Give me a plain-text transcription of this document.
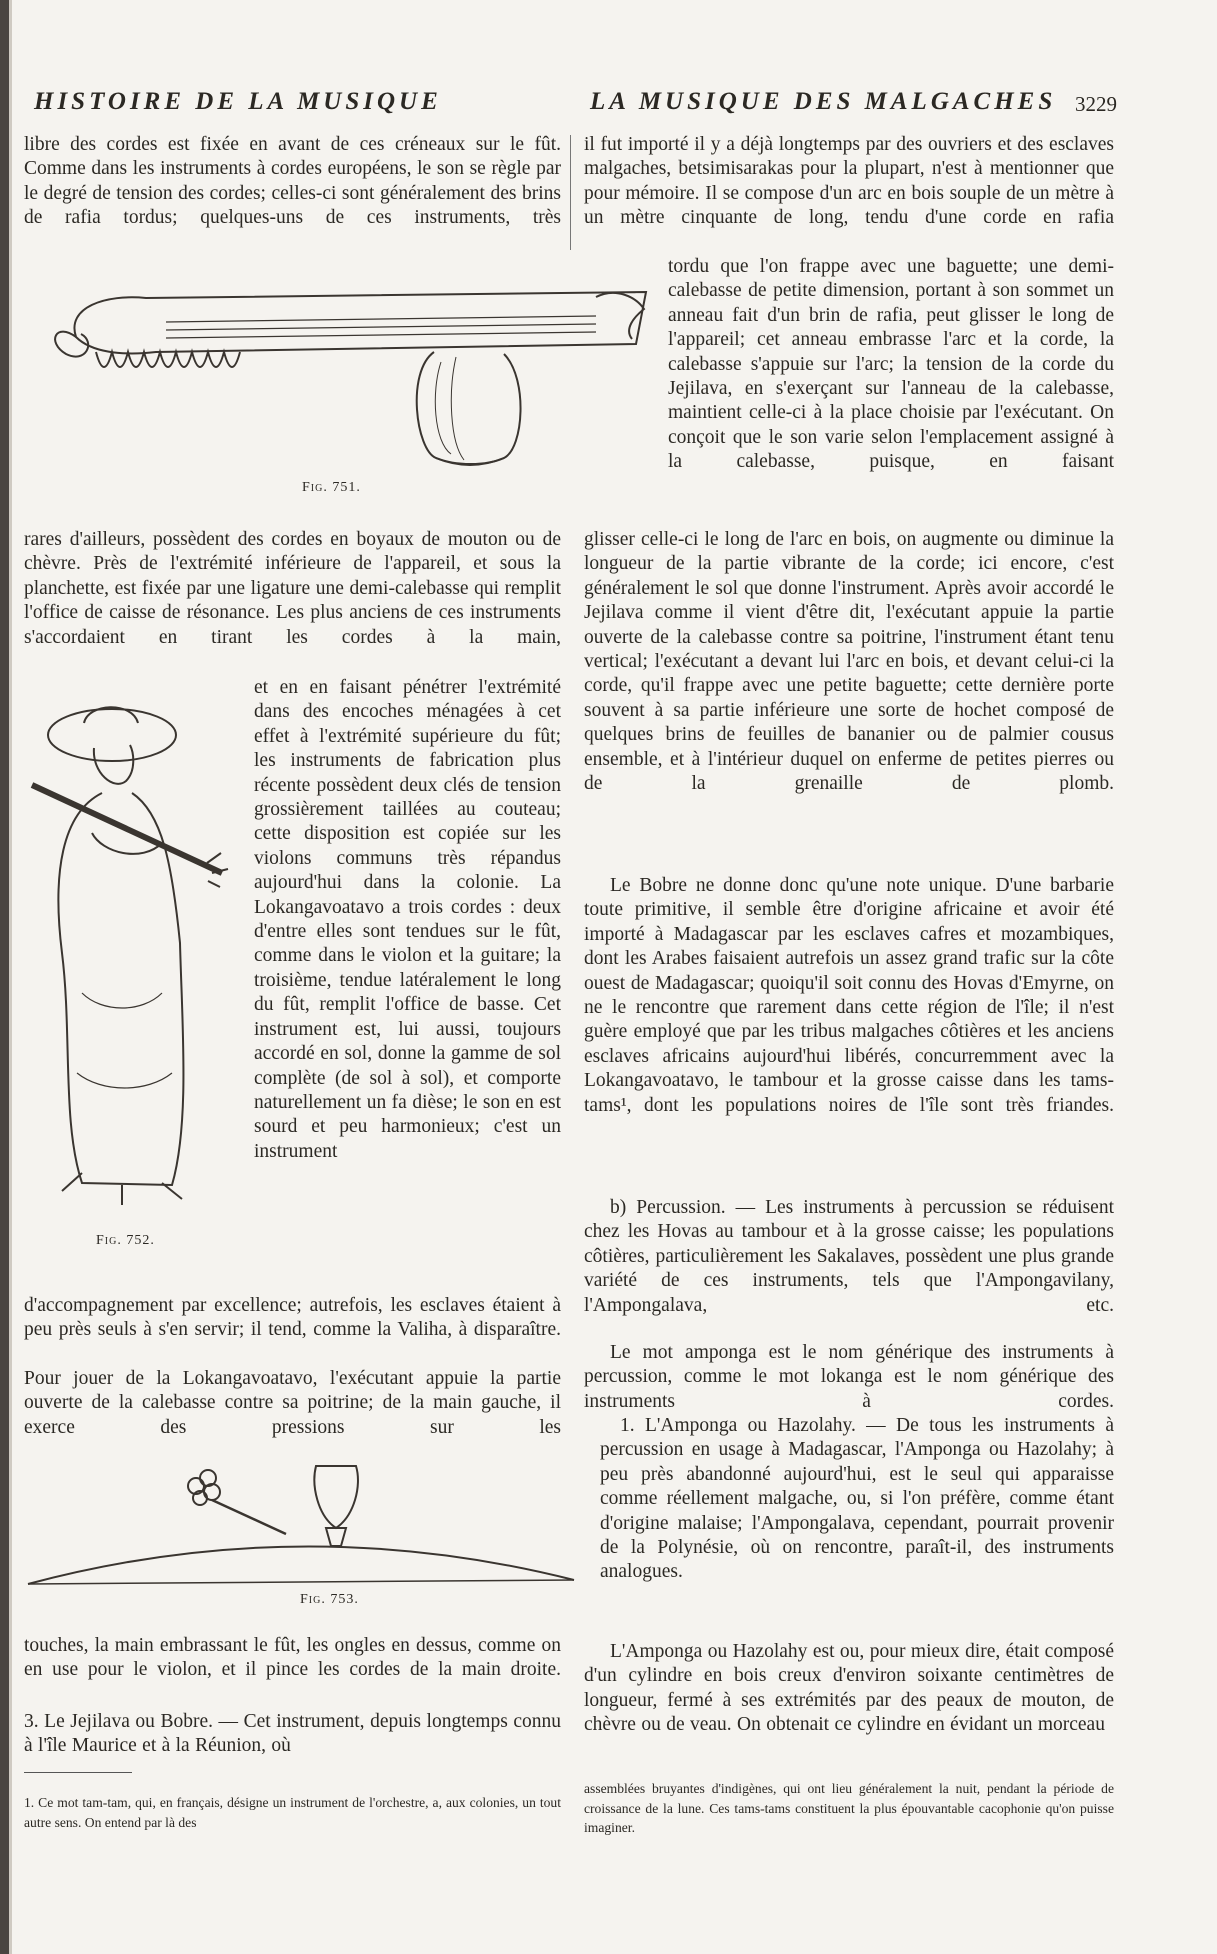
HISTOIRE DE LA MUSIQUE	LA MUSIQUE DES MALGACHES 3229
libre des cordes est fixée en avant de ces créneaux sur le fût. Comme dans les instruments à cordes européens, le son se règle par le degré de tension des cordes; celles-ci sont généralement des brins de rafia tordus; quelques-uns de ces instruments, très
Fig. 751.
rares d'ailleurs, possèdent des cordes en boyaux de mouton ou de chèvre. Près de l'extrémité inférieure de l'appareil, et sous la planchette, est fixée par une ligature une demi-calebasse qui remplit l'office de caisse de résonance. Les plus anciens de ces instruments s'accordaient en tirant les cordes à la main,
Fig. 752.
et en en faisant pénétrer l'extrémité dans des encoches ménagées à cet effet à l'extrémité supérieure du fût; les instruments de fabrication plus récente possèdent deux clés de tension grossièrement taillées au couteau; cette disposition est copiée sur les violons communs très répandus aujourd'hui dans la colonie. La Lokangavoatavo a trois cordes : deux d'entre elles sont tendues sur le fût, comme dans le violon et la guitare; la troisième, tendue latéralement le long du fût, remplit l'office de basse. Cet instrument est, lui aussi, toujours accordé en sol, donne la gamme de sol complète (de sol à sol), et comporte naturellement un fa dièse; le son en est sourd et peu harmonieux; c'est un instrument
d'accompagnement par excellence; autrefois, les esclaves étaient à peu près seuls à s'en servir; il tend, comme la Valiha, à disparaître.
Pour jouer de la Lokangavoatavo, l'exécutant appuie la partie ouverte de la calebasse contre sa poitrine; de la main gauche, il exerce des pressions sur les
Fig. 753.
touches, la main embrassant le fût, les ongles en dessus, comme on en use pour le violon, et il pince les cordes de la main droite.
3. Le Jejilava ou Bobre. — Cet instrument, depuis longtemps connu à l'île Maurice et à la Réunion, où
1. Ce mot tam-tam, qui, en français, désigne un instrument de l'orchestre, a, aux colonies, un tout autre sens. On entend par là des
il fut importé il y a déjà longtemps par des ouvriers et des esclaves malgaches, betsimisarakas pour la plupart, n'est à mentionner que pour mémoire. Il se compose d'un arc en bois souple de un mètre à un mètre cinquante de long, tendu d'une corde en rafia
tordu que l'on frappe avec une baguette; une demi-calebasse de petite dimension, portant à son sommet un anneau fait d'un brin de rafia, peut glisser le long de l'appareil; cet anneau embrasse l'arc et la corde, la calebasse s'appuie sur l'arc; la tension de la corde du Jejilava, en s'exerçant sur l'anneau de la calebasse, maintient celle-ci à la place choisie par l'exécutant. On conçoit que le son varie selon l'emplacement assigné à la calebasse, puisque, en faisant
glisser celle-ci le long de l'arc en bois, on augmente ou diminue la longueur de la partie vibrante de la corde; ici encore, c'est généralement le sol que donne l'instrument. Après avoir accordé le Jejilava comme il vient d'être dit, l'exécutant appuie la partie ouverte de la calebasse contre sa poitrine, l'instrument étant tenu vertical; l'exécutant a devant lui l'arc en bois, et devant celui-ci la corde, qu'il frappe avec une petite baguette; cette dernière porte souvent à sa partie inférieure une sorte de hochet composé de quelques brins de feuilles de bananier ou de palmier cousus ensemble, et à l'intérieur duquel on enferme de petites pierres ou de la grenaille de plomb.
Le Bobre ne donne donc qu'une note unique. D'une barbarie toute primitive, il semble être d'origine africaine et avoir été importé à Madagascar par les esclaves cafres et mozambiques, dont les Arabes faisaient autrefois un assez grand trafic sur la côte ouest de Madagascar; quoiqu'il soit connu des Hovas d'Emyrne, on ne le rencontre que rarement dans cette région de l'île; il n'est guère employé que par les tribus malgaches côtières et les anciens esclaves africains aujourd'hui libérés, concurremment avec la Lokangavoatavo, le tambour et la grosse caisse dans les tams-tams¹, dont les populations noires de l'île sont très friandes.
b) Percussion. — Les instruments à percussion se réduisent chez les Hovas au tambour et à la grosse caisse; les populations côtières, particulièrement les Sakalaves, possèdent une plus grande variété de ces instruments, tels que l'Ampongavilany, l'Ampongalava, etc.
Le mot amponga est le nom générique des instruments à percussion, comme le mot lokanga est le nom générique des instruments à cordes.
1. L'Amponga ou Hazolahy. — De tous les instruments à percussion en usage à Madagascar, l'Amponga ou Hazolahy; à peu près abandonné aujourd'hui, est le seul qui apparaisse comme réellement malgache, ou, si l'on préfère, comme étant d'origine malaise; l'Ampongalava, cependant, pourrait provenir de la Polynésie, où on rencontre, paraît-il, des instruments analogues.
L'Amponga ou Hazolahy est ou, pour mieux dire, était composé d'un cylindre en bois creux d'environ soixante centimètres de longueur, fermé à ses extrémités par des peaux de mouton, de chèvre ou de veau. On obtenait ce cylindre en évidant un morceau
assemblées bruyantes d'indigènes, qui ont lieu généralement la nuit, pendant la période de croissance de la lune. Ces tams-tams constituent la plus épouvantable cacophonie qu'on puisse imaginer.
